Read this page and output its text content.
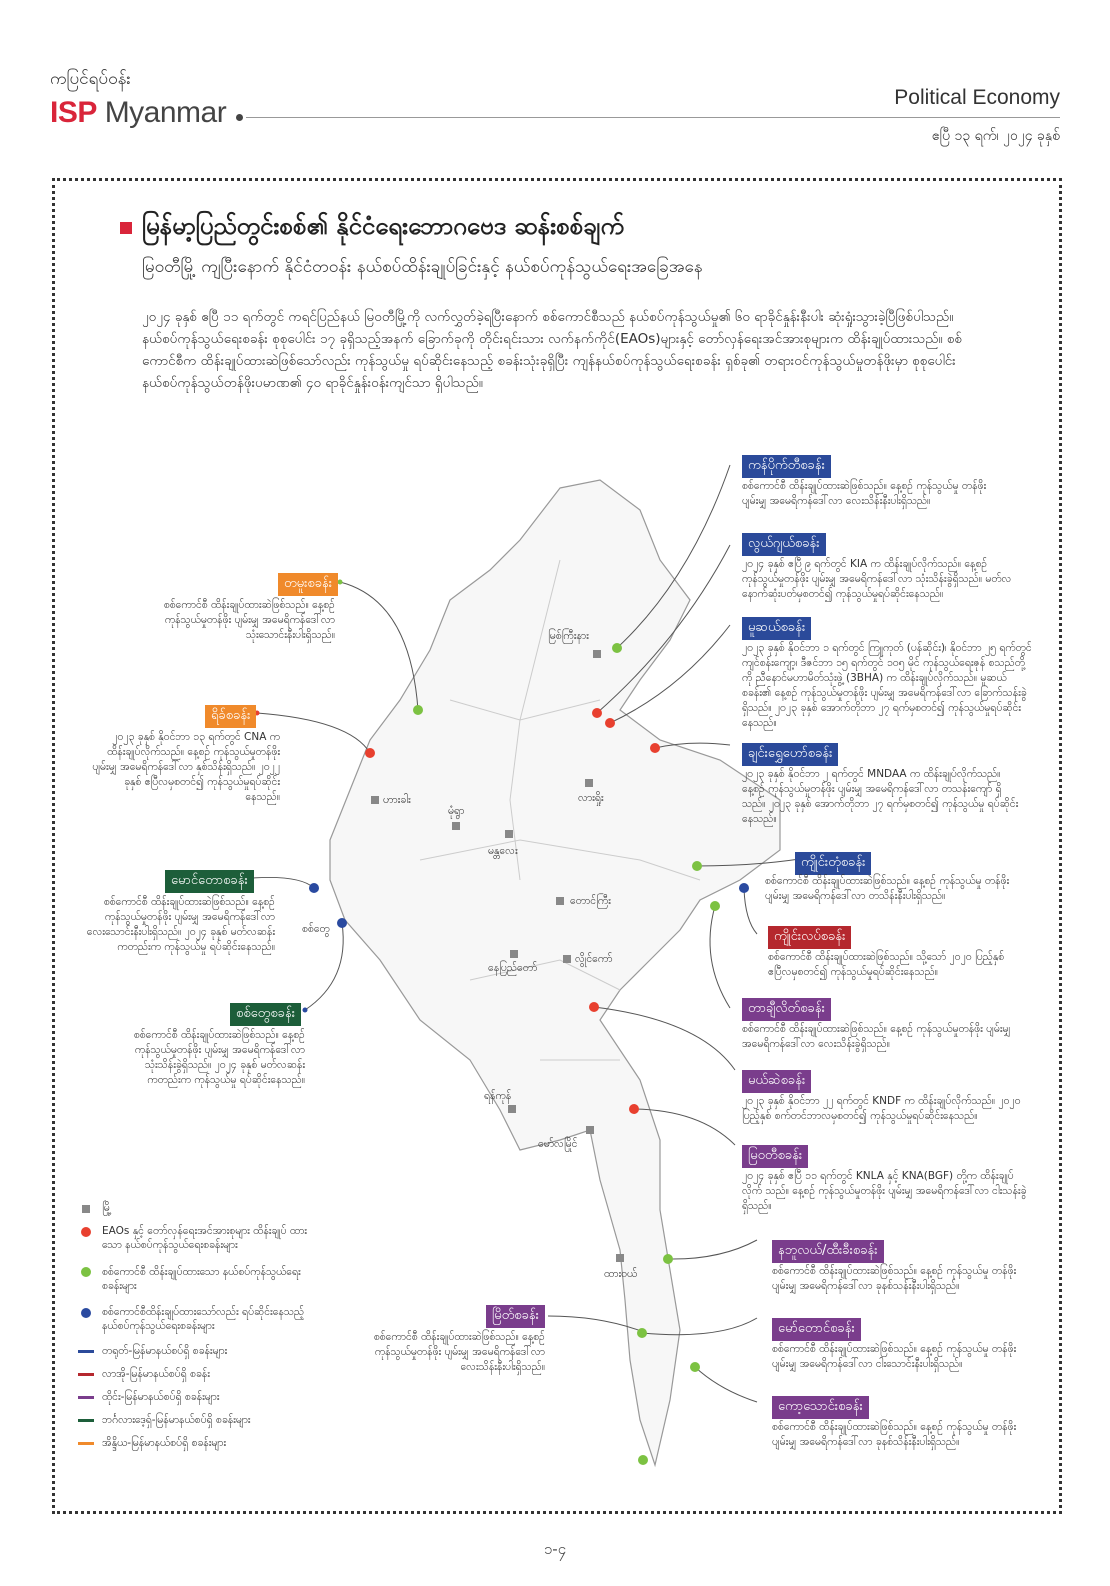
ကပြင်ရပ်ဝန်း
ISP Myanmar	Political Economy
ဧပြီ ၁၃ ရက်၊ ၂၀၂၄ ခုနှစ်
မြန်မာ့ပြည်တွင်းစစ်၏ နိုင်ငံရေးဘောဂဗေဒ ဆန်းစစ်ချက်
မြဝတီမြို့ ကျပြီးနောက် နိုင်ငံတဝန်း နယ်စပ်ထိန်းချုပ်ခြင်းနှင့် နယ်စပ်ကုန်သွယ်ရေးအခြေအနေ
၂၀၂၄ ခုနှစ် ဧပြီ ၁၁ ရက်တွင် ကရင်ပြည်နယ် မြဝတီမြို့ကို လက်လွှတ်ခဲ့ရပြီးနောက် စစ်ကောင်စီသည် နယ်စပ်ကုန်သွယ်မှု၏ ၆၀ ရာခိုင်နှုန်းနီးပါး ဆုံးရှုံးသွားခဲ့ပြီဖြစ်ပါသည်။ နယ်စပ်ကုန်သွယ်ရေးစခန်း စုစုပေါင်း ၁၇ ခုရှိသည့်အနက် ခြောက်ခုကို တိုင်းရင်းသား လက်နက်ကိုင်(EAOs)များနှင့် တော်လှန်ရေးအင်အားစုများက ထိန်းချုပ်ထားသည်။ စစ်ကောင်စီက ထိန်းချုပ်ထားဆဲဖြစ်သော်လည်း ကုန်သွယ်မှု ရပ်ဆိုင်းနေသည့် စခန်းသုံးခုရှိပြီး ကျန်နယ်စပ်ကုန်သွယ်ရေးစခန်း ရှစ်ခု၏ တရားဝင်ကုန်သွယ်မှုတန်ဖိုးမှာ စုစုပေါင်း နယ်စပ်ကုန်သွယ်တန်ဖိုးပမာဏ၏ ၄၀ ရာခိုင်နှုန်းဝန်းကျင်သာ ရှိပါသည်။
မြစ်ကြီးနား
ဟားခါး
မုံရွာ
မန္တလေး
လားရှိုး
စစ်တွေ
တောင်ကြီး
နေပြည်တော်
လွိုင်ကော်
ရန်ကုန်
မော်လမြိုင်
ထားဝယ်
ကန်ပိုက်တီစခန်း
စစ်ကောင်စီ ထိန်းချုပ်ထားဆဲဖြစ်သည်။ နေ့စဉ် ကုန်သွယ်မှု တန်ဖိုး ပျမ်းမျှ အမေရိကန်ဒေါ်လာ လေးသိန်းနီးပါးရှိသည်။
လွယ်ဂျယ်စခန်း
၂၀၂၄ ခုနှစ် ဧပြီ ၉ ရက်တွင် KIA က ထိန်းချုပ်လိုက်သည်။ နေ့စဉ် ကုန်သွယ်မှုတန်ဖိုး ပျမ်းမျှ အမေရိကန်ဒေါ်လာ သုံးသိန်းခွဲရှိသည်။ မတ်လ နောက်ဆုံးပတ်မှစတင်၍ ကုန်သွယ်မှုရပ်ဆိုင်းနေသည်။
မူဆယ်စခန်း
၂၀၂၃ ခုနှစ် နိုဝင်ဘာ ၁ ရက်တွင် ကြူကုတ် (ပန်ဆိုင်း)၊ နိုဝင်ဘာ ၂၅ ရက်တွင် ကျင်စန်းကျော့၊ ဒီဇင်ဘာ ၁၅ ရက်တွင် ၁၀၅ မိုင် ကုန်သွယ်ရေးဇုန် စသည်တို့ကို ညီနောင်မဟာမိတ်သုံးဖွဲ့ (3BHA) က ထိန်းချုပ်လိုက်သည်။ မူဆယ်စခန်း၏ နေ့စဉ် ကုန်သွယ်မှုတန်ဖိုး ပျမ်းမျှ အမေရိကန်ဒေါ်လာ ခြောက်သန်းခွဲရှိသည်။ ၂၀၂၃ ခုနှစ် အောက်တိုဘာ ၂၇ ရက်မှစတင်၍ ကုန်သွယ်မှုရပ်ဆိုင်းနေသည်။
ချင်းရွှေဟော်စခန်း
၂၀၂၃ ခုနှစ် နိုဝင်ဘာ ၂ ရက်တွင် MNDAA က ထိန်းချုပ်လိုက်သည်။ နေ့စဉ် ကုန်သွယ်မှုတန်ဖိုး ပျမ်းမျှ အမေရိကန်ဒေါ်လာ တသန်းကျော် ရှိသည်။ ၂၀၂၃ ခုနှစ် အောက်တိုဘာ ၂၇ ရက်မှစတင်၍ ကုန်သွယ်မှု ရပ်ဆိုင်းနေသည်။
ကျိုင်းတုံစခန်း
စစ်ကောင်စီ ထိန်းချုပ်ထားဆဲဖြစ်သည်။ နေ့စဉ် ကုန်သွယ်မှု တန်ဖိုး ပျမ်းမျှ အမေရိကန်ဒေါ်လာ တသိန်းနီးပါးရှိသည်။
ကျိုင်းလပ်စခန်း
စစ်ကောင်စီ ထိန်းချုပ်ထားဆဲဖြစ်သည်။ သို့သော် ၂၀၂၀ ပြည့်နှစ် ဧပြီလမှစတင်၍ ကုန်သွယ်မှုရပ်ဆိုင်းနေသည်။
တာချီလိတ်စခန်း
စစ်ကောင်စီ ထိန်းချုပ်ထားဆဲဖြစ်သည်။ နေ့စဉ် ကုန်သွယ်မှုတန်ဖိုး ပျမ်းမျှ အမေရိကန်ဒေါ်လာ လေးသိန်းခွဲရှိသည်။
မယ်ဆဲစခန်း
၂၀၂၃ ခုနှစ် နိုဝင်ဘာ ၂၂ ရက်တွင် KNDF က ထိန်းချုပ်လိုက်သည်။ ၂၀၂၀ ပြည့်နှစ် စက်တင်ဘာလမှစတင်၍ ကုန်သွယ်မှုရပ်ဆိုင်းနေသည်။
မြဝတီစခန်း
၂၀၂၄ ခုနှစ် ဧပြီ ၁၁ ရက်တွင် KNLA နှင့် KNA(BGF) တို့က ထိန်းချုပ်လိုက် သည်။ နေ့စဉ် ကုန်သွယ်မှုတန်ဖိုး ပျမ်းမျှ အမေရိကန်ဒေါ်လာ ငါးသန်းခွဲရှိသည်။
နဘူလယ်/ထီးခီးစခန်း
စစ်ကောင်စီ ထိန်းချုပ်ထားဆဲဖြစ်သည်။ နေ့စဉ် ကုန်သွယ်မှု တန်ဖိုး ပျမ်းမျှ အမေရိကန်ဒေါ်လာ ခုနစ်သန်းနီးပါးရှိသည်။
မော်တောင်စခန်း
စစ်ကောင်စီ ထိန်းချုပ်ထားဆဲဖြစ်သည်။ နေ့စဉ် ကုန်သွယ်မှု တန်ဖိုး ပျမ်းမျှ အမေရိကန်ဒေါ်လာ ငါးသောင်းနီးပါးရှိသည်။
ကော့သောင်းစခန်း
စစ်ကောင်စီ ထိန်းချုပ်ထားဆဲဖြစ်သည်။ နေ့စဉ် ကုန်သွယ်မှု တန်ဖိုး ပျမ်းမျှ အမေရိကန်ဒေါ်လာ ခုနစ်သိန်းနီးပါးရှိသည်။
တမူးစခန်း
စစ်ကောင်စီ ထိန်းချုပ်ထားဆဲဖြစ်သည်။ နေ့စဉ် ကုန်သွယ်မှုတန်ဖိုး ပျမ်းမျှ အမေရိကန်ဒေါ်လာ သုံးသောင်းနီးပါးရှိသည်။
ရိခ်စခန်း
၂၀၂၃ ခုနှစ် နိုဝင်ဘာ ၁၃ ရက်တွင် CNA က ထိန်းချုပ်လိုက်သည်။ နေ့စဉ် ကုန်သွယ်မှုတန်ဖိုး ပျမ်းမျှ အမေရိကန်ဒေါ်လာ နှစ်သိန်းရှိသည်။ ၂၀၂၂ ခုနှစ် ဧပြီလမှစတင်၍ ကုန်သွယ်မှုရပ်ဆိုင်းနေသည်။
မောင်တောစခန်း
စစ်ကောင်စီ ထိန်းချုပ်ထားဆဲဖြစ်သည်။ နေ့စဉ် ကုန်သွယ်မှုတန်ဖိုး ပျမ်းမျှ အမေရိကန်ဒေါ်လာ လေးသောင်းနီးပါးရှိသည်။ ၂၀၂၄ ခုနှစ် မတ်လဆန်းကတည်းက ကုန်သွယ်မှု ရပ်ဆိုင်းနေသည်။
စစ်တွေစခန်း
စစ်ကောင်စီ ထိန်းချုပ်ထားဆဲဖြစ်သည်။ နေ့စဉ် ကုန်သွယ်မှုတန်ဖိုး ပျမ်းမျှ အမေရိကန်ဒေါ်လာ သုံးသိန်းခွဲရှိသည်။ ၂၀၂၄ ခုနှစ် မတ်လဆန်းကတည်းက ကုန်သွယ်မှု ရပ်ဆိုင်းနေသည်။
မြိတ်စခန်း
စစ်ကောင်စီ ထိန်းချုပ်ထားဆဲဖြစ်သည်။ နေ့စဉ် ကုန်သွယ်မှုတန်ဖိုး ပျမ်းမျှ အမေရိကန်ဒေါ်လာ လေးသိန်းနီးပါးရှိသည်။
မြို့
EAOs နှင့် တော်လှန်ရေးအင်အားစုများ ထိန်းချုပ် ထားသော နယ်စပ်ကုန်သွယ်ရေးစခန်းများ
စစ်ကောင်စီ ထိန်းချုပ်ထားသော နယ်စပ်ကုန်သွယ်ရေးစခန်းများ
စစ်ကောင်စီထိန်းချုပ်ထားသော်လည်း ရပ်ဆိုင်းနေသည့် နယ်စပ်ကုန်သွယ်ရေးစခန်းများ
တရုတ်-မြန်မာနယ်စပ်ရှိ စခန်းများ
လာအို-မြန်မာနယ်စပ်ရှိ စခန်း
ထိုင်း-မြန်မာနယ်စပ်ရှိ စခန်းများ
ဘင်္ဂလားဒေ့ရှ်-မြန်မာနယ်စပ်ရှိ စခန်းများ
အိန္ဒိယ-မြန်မာနယ်စပ်ရှိ စခန်းများ
၁-၄
